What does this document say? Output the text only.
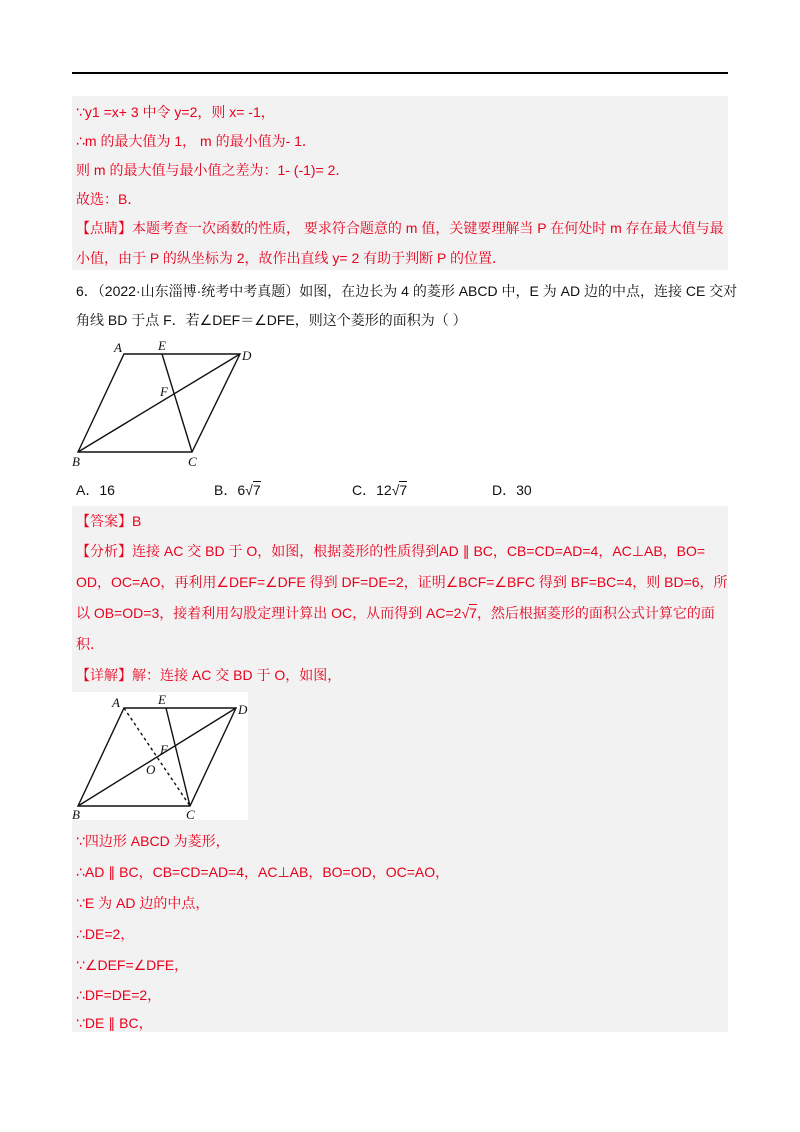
∵y1 =x+ 3 中令 y=2，则 x= -1，
∴m 的最大值为 1， m 的最小值为- 1．
则 m 的最大值与最小值之差为：1- (-1)= 2．
故选：B．
【点睛】本题考查一次函数的性质， 要求符合题意的 m 值，关键要理解当 P 在何处时 m 存在最大值与最
小值，由于 P 的纵坐标为 2，故作出直线 y= 2 有助于判断 P 的位置．
6．（2022·山东淄博·统考中考真题）如图，在边长为 4 的菱形 ABCD 中，E 为 AD 边的中点，连接 CE 交对
角线 BD 于点 F．若∠DEF＝∠DFE，则这个菱形的面积为（ ）
A	E
D
F
B	C
A．16	B．6√7	C．12√7	D．30
【答案】B
【分析】连接 AC 交 BD 于 O，如图，根据菱形的性质得到AD ∥ BC，CB=CD=AD=4，AC⊥AB，BO=
OD，OC=AO，再利用∠DEF=∠DFE 得到 DF=DE=2，证明∠BCF=∠BFC 得到 BF=BC=4，则 BD=6，所
以 OB=OD=3，接着利用勾股定理计算出 OC，从而得到 AC=2√7，然后根据菱形的面积公式计算它的面
积．
【详解】解：连接 AC 交 BD 于 O，如图，
A	E
D
F
O
B	C
∵四边形 ABCD 为菱形，
∴AD ∥ BC，CB=CD=AD=4，AC⊥AB，BO=OD，OC=AO，
∵E 为 AD 边的中点，
∴DE=2，
∵∠DEF=∠DFE，
∴DF=DE=2，
∵DE ∥ BC，
